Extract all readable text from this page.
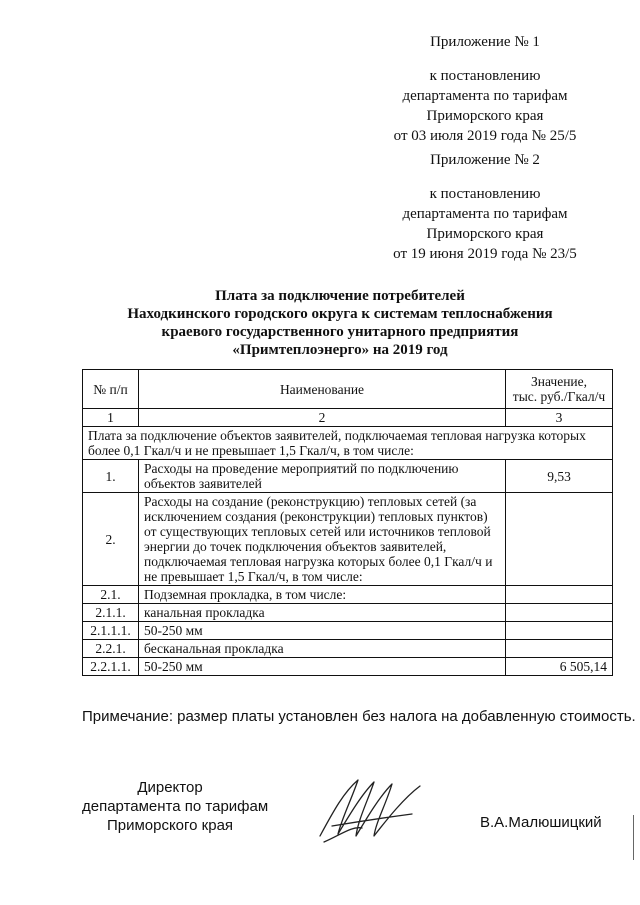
Приложение № 1
к постановлению
департамента по тарифам
Приморского края
от 03 июля 2019 года № 25/5
Приложение № 2
к постановлению
департамента по тарифам
Приморского края
от 19 июня 2019 года № 23/5
Плата за подключение потребителей
Находкинского городского округа к системам теплоснабжения
краевого государственного унитарного предприятия
«Примтеплоэнерго» на 2019 год
№ п/п	Наименование	Значение,
тыс. руб./Гкал/ч

1	2	3
Плата за подключение объектов заявителей, подключаемая тепловая нагрузка которых более 0,1 Гкал/ч и не превышает 1,5 Гкал/ч, в том числе:		
1.	Расходы на проведение мероприятий по подключению объектов заявителей	9,53
2.	Расходы на создание (реконструкцию) тепловых сетей (за исключением создания (реконструкции) тепловых пунктов) от существующих тепловых сетей или источников тепловой энергии до точек подключения объектов заявителей, подключаемая тепловая нагрузка которых более 0,1 Гкал/ч и не превышает 1,5 Гкал/ч, в том числе:	
2.1.	Подземная прокладка, в том числе:	
2.1.1.	канальная прокладка	
2.1.1.1.	50-250 мм	
2.2.1.	бесканальная прокладка	
2.2.1.1.	50-250 мм	6 505,14
Примечание: размер платы установлен без налога на добавленную стоимость.
Директор
департамента по тарифам
Приморского края	В.А.Малюшицкий
